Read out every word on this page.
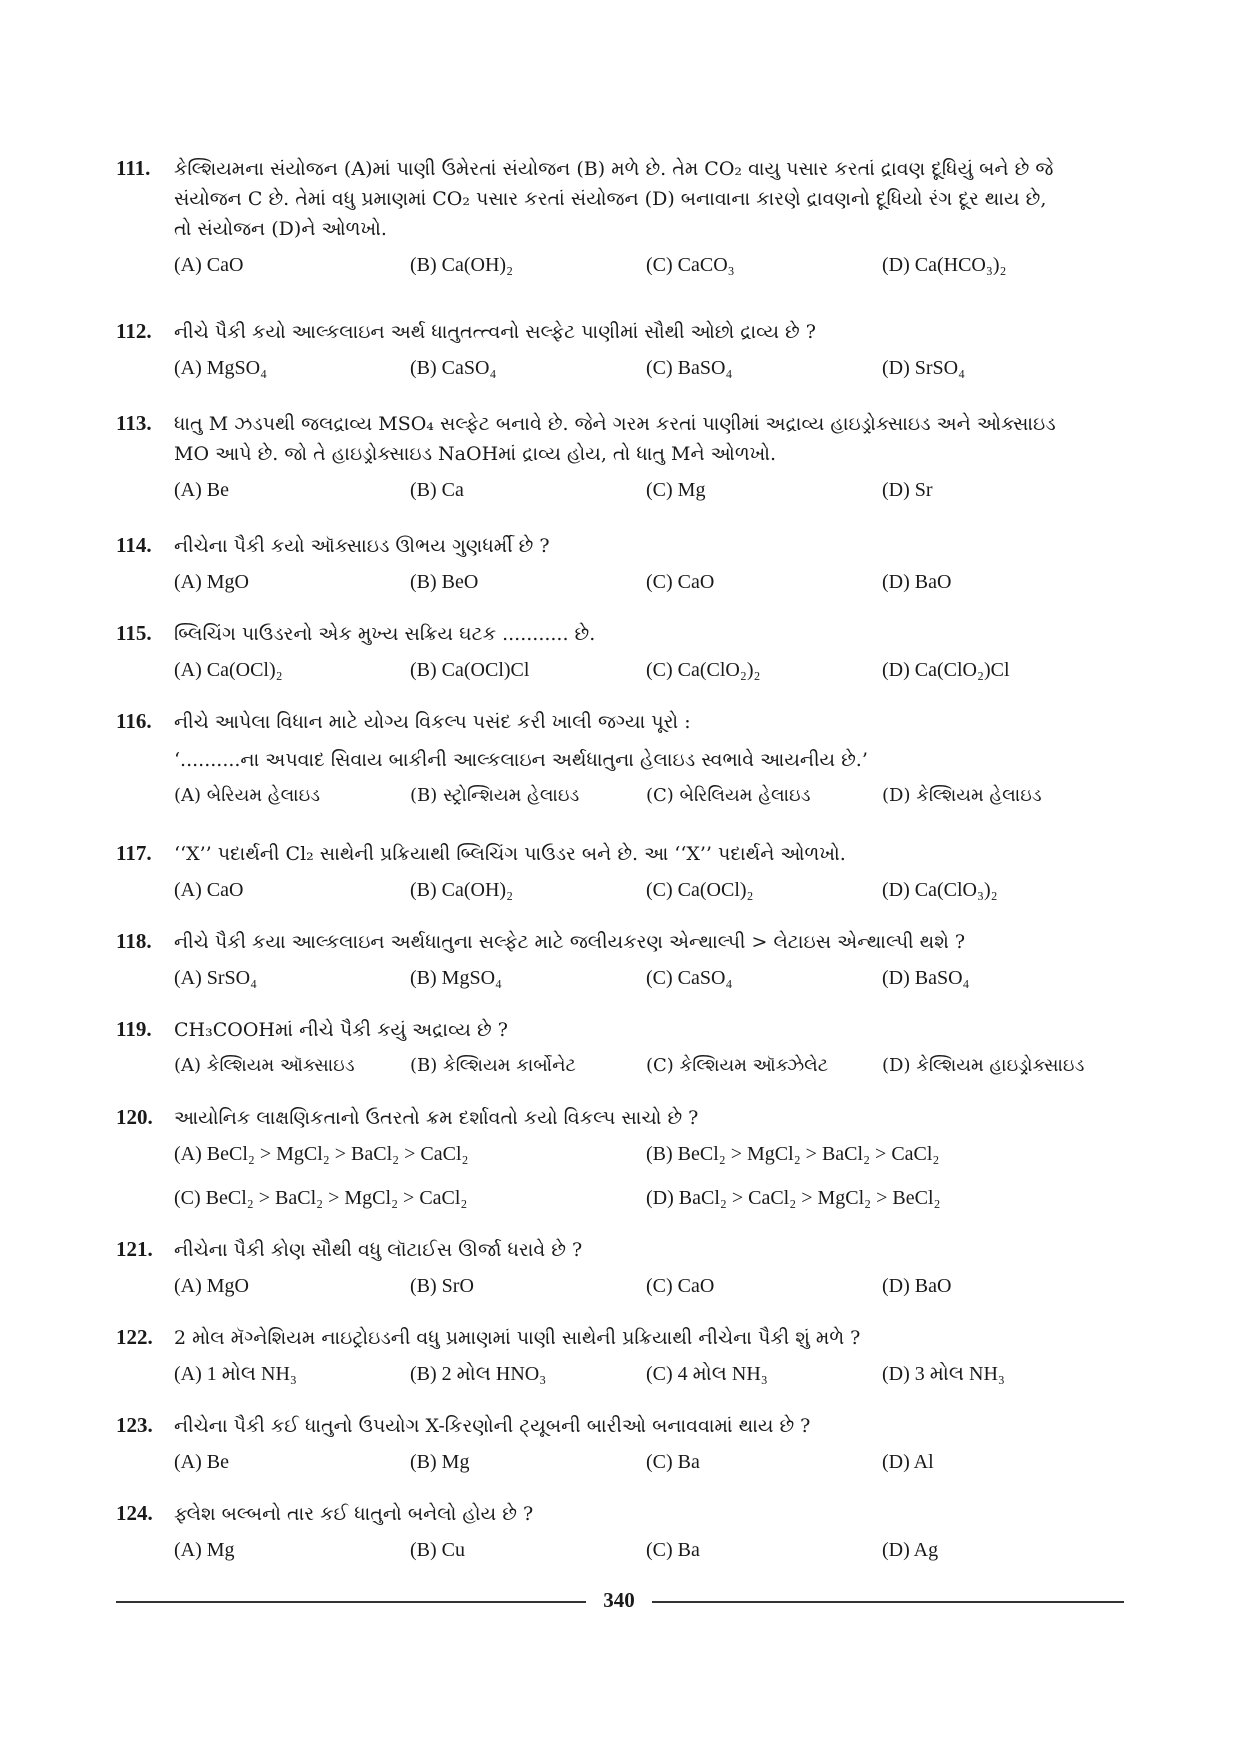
111.	કેલ્શિયમના સંયોજન (A)માં પાણી ઉમેરતાં સંયોજન (B) મળે છે. તેમ CO₂ વાયુ પસાર કરતાં દ્રાવણ દૂધિયું બને છે જે
સંયોજન C છે. તેમાં વધુ પ્રમાણમાં CO₂ પસાર કરતાં સંયોજન (D) બનાવાના કારણે દ્રાવણનો દૂધિયો રંગ દૂર થાય છે,
તો સંયોજન (D)ને ઓળખો.
(A) CaO	(B) Ca(OH)₂	(C) CaCO₃	(D) Ca(HCO₃)₂
112.	નીચે પૈકી કયો આલ્કલાઇન અર્થ ધાતુતત્ત્વનો સલ્ફેટ પાણીમાં સૌથી ઓછો દ્રાવ્ય છે ?
(A) MgSO₄	(B) CaSO₄	(C) BaSO₄	(D) SrSO₄
113.	ધાતુ M ઝડપથી જલદ્રાવ્ય MSO₄ સલ્ફેટ બનાવે છે. જેને ગરમ કરતાં પાણીમાં અદ્રાવ્ય હાઇડ્રોક્સાઇડ અને ઓક્સાઇડ
MO આપે છે. જો તે હાઇડ્રોક્સાઇડ NaOHમાં દ્રાવ્ય હોય, તો ધાતુ Mને ઓળખો.
(A) Be	(B) Ca	(C) Mg	(D) Sr
114.	નીચેના પૈકી કયો ઑક્સાઇડ ઊભય ગુણધર્મી છે ?
(A) MgO	(B) BeO	(C) CaO	(D) BaO
115.	બ્લિચિંગ પાઉડરનો એક મુખ્ય સક્રિય ઘટક ........... છે.
(A) Ca(OCl)₂	(B) Ca(OCl)Cl	(C) Ca(ClO₂)₂	(D) Ca(ClO₂)Cl
116.	નીચે આપેલા વિધાન માટે યોગ્ય વિકલ્પ પસંદ કરી ખાલી જગ્યા પૂરો :
‘..........ના અપવાદ સિવાય બાકીની આલ્કલાઇન અર્થધાતુના હેલાઇડ સ્વભાવે આયનીય છે.’
(A) બેરિયમ હેલાઇડ	(B) સ્ટ્રોન્શિયમ હેલાઇડ	(C) બેરિલિયમ હેલાઇડ	(D) કેલ્શિયમ હેલાઇડ
117.	‘‘X’’ પદાર્થની Cl₂ સાથેની પ્રક્રિયાથી બ્લિચિંગ પાઉડર બને છે. આ ‘‘X’’ પદાર્થને ઓળખો.
(A) CaO	(B) Ca(OH)₂	(C) Ca(OCl)₂	(D) Ca(ClO₃)₂
118.	નીચે પૈકી કયા આલ્કલાઇન અર્થધાતુના સલ્ફેટ માટે જલીયકરણ એન્થાલ્પી > લેટાઇસ એન્થાલ્પી થશે ?
(A) SrSO₄	(B) MgSO₄	(C) CaSO₄	(D) BaSO₄
119.	CH₃COOHમાં નીચે પૈકી કયું અદ્રાવ્ય છે ?
(A) કેલ્શિયમ ઑક્સાઇડ	(B) કેલ્શિયમ કાર્બોનેટ	(C) કેલ્શિયમ ઑક્ઝેલેટ	(D) કેલ્શિયમ હાઇડ્રોક્સાઇડ
120.	આયોનિક લાક્ષણિકતાનો ઉતરતો ક્રમ દર્શાવતો કયો વિકલ્પ સાચો છે ?
(A) BeCl₂ > MgCl₂ > BaCl₂ > CaCl₂	(B) BeCl₂ > MgCl₂ > BaCl₂ > CaCl₂
(C) BeCl₂ > BaCl₂ > MgCl₂ > CaCl₂	(D) BaCl₂ > CaCl₂ > MgCl₂ > BeCl₂
121.	નીચેના પૈકી કોણ સૌથી વધુ લૉટાઈસ ઊર્જા ધરાવે છે ?
(A) MgO	(B) SrO	(C) CaO	(D) BaO
122.	2 મોલ મૅગ્નેશિયમ નાઇટ્રોઇડની વધુ પ્રમાણમાં પાણી સાથેની પ્રક્રિયાથી નીચેના પૈકી શું મળે ?
(A) 1 મોલ NH₃	(B) 2 મોલ HNO₃	(C) 4 મોલ NH₃	(D) 3 મોલ NH₃
123.	નીચેના પૈકી કઈ ધાતુનો ઉપયોગ X-કિરણોની ટ્યૂબની બારીઓ બનાવવામાં થાય છે ?
(A) Be	(B) Mg	(C) Ba	(D) Al
124.	ફ્લેશ બલ્બનો તાર કઈ ધાતુનો બનેલો હોય છે ?
(A) Mg	(B) Cu	(C) Ba	(D) Ag
340
